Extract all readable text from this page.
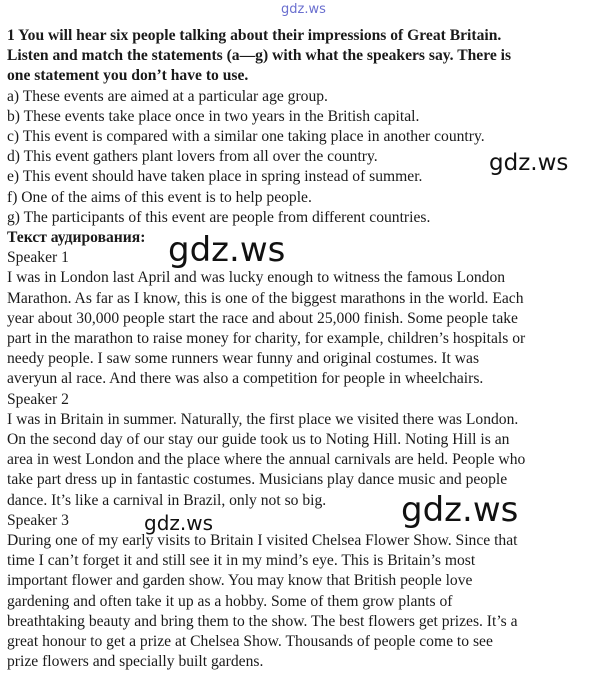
gdz.ws
1 You will hear six people talking about their impressions of Great Britain.
Listen and match the statements (a—g) with what the speakers say. There is
one statement you don’t have to use.
a) These events are aimed at a particular age group.
b) These events take place once in two years in the British capital.
c) This event is compared with a similar one taking place in another country.
d) This event gathers plant lovers from all over the country.
e) This event should have taken place in spring instead of summer.
f) One of the aims of this event is to help people.
g) The participants of this event are people from different countries.
Текст аудирования:
Speaker 1
I was in London last April and was lucky enough to witness the famous London
Marathon. As far as I know, this is one of the biggest marathons in the world. Each
year about 30,000 people start the race and about 25,000 finish. Some people take
part in the marathon to raise money for charity, for example, children’s hospitals or
needy people. I saw some runners wear funny and original costumes. It was
averyun al race. And there was also a competition for people in wheelchairs.
Speaker 2
I was in Britain in summer. Naturally, the first place we visited there was London.
On the second day of our stay our guide took us to Noting Hill. Noting Hill is an
area in west London and the place where the annual carnivals are held. People who
take part dress up in fantastic costumes. Musicians play dance music and people
dance. It’s like a carnival in Brazil, only not so big.
Speaker 3
During one of my early visits to Britain I visited Chelsea Flower Show. Since that
time I can’t forget it and still see it in my mind’s eye. This is Britain’s most
important flower and garden show. You may know that British people love
gardening and often take it up as a hobby. Some of them grow plants of
breathtaking beauty and bring them to the show. The best flowers get prizes. It’s a
great honour to get a prize at Chelsea Show. Thousands of people come to see
prize flowers and specially built gardens.
gdz.ws
gdz.ws
gdz.ws	gdz.ws
